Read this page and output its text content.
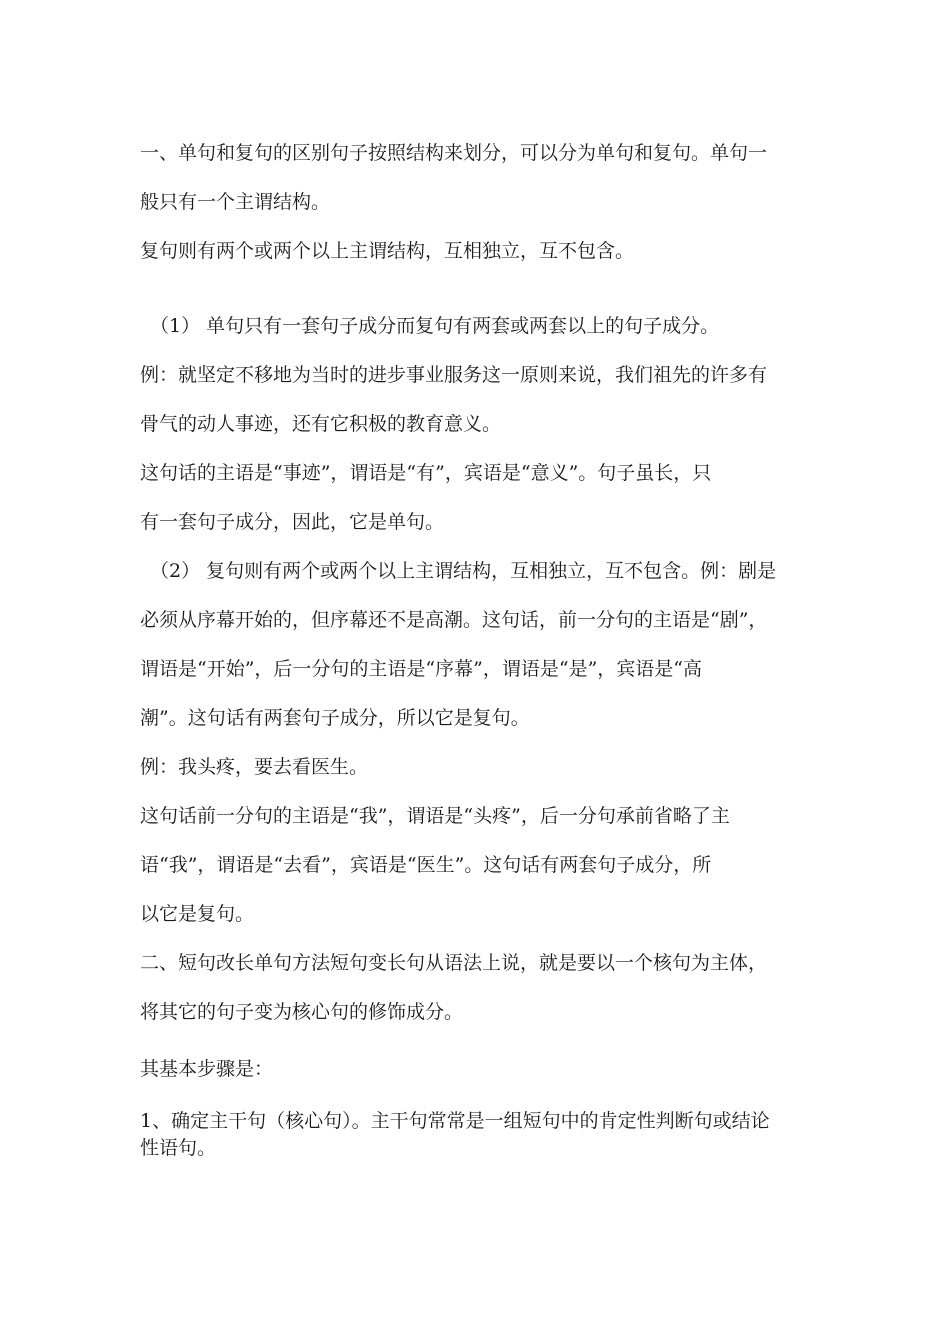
一、单句和复句的区别句子按照结构来划分，可以分为单句和复句。单句一
般只有一个主谓结构。
复句则有两个或两个以上主谓结构，互相独立，互不包含。
（1） 单句只有一套句子成分而复句有两套或两套以上的句子成分。
例：就坚定不移地为当时的进步事业服务这一原则来说，我们祖先的许多有
骨气的动人事迹，还有它积极的教育意义。
这句话的主语是“事迹”，谓语是“有”，宾语是“意义”。句子虽长，只
有一套句子成分，因此，它是单句。
（2） 复句则有两个或两个以上主谓结构，互相独立，互不包含。例：剧是
必须从序幕开始的，但序幕还不是高潮。这句话，前一分句的主语是“剧”，
谓语是“开始”，后一分句的主语是“序幕”，谓语是“是”，宾语是“高
潮”。这句话有两套句子成分，所以它是复句。
例：我头疼，要去看医生。
这句话前一分句的主语是“我”，谓语是“头疼”，后一分句承前省略了主
语“我”，谓语是“去看”，宾语是“医生”。这句话有两套句子成分，所
以它是复句。
二、短句改长单句方法短句变长句从语法上说，就是要以一个核句为主体，
将其它的句子变为核心句的修饰成分。
其基本步骤是：
1、确定主干句（核心句）。主干句常常是一组短句中的肯定性判断句或结论
性语句。
